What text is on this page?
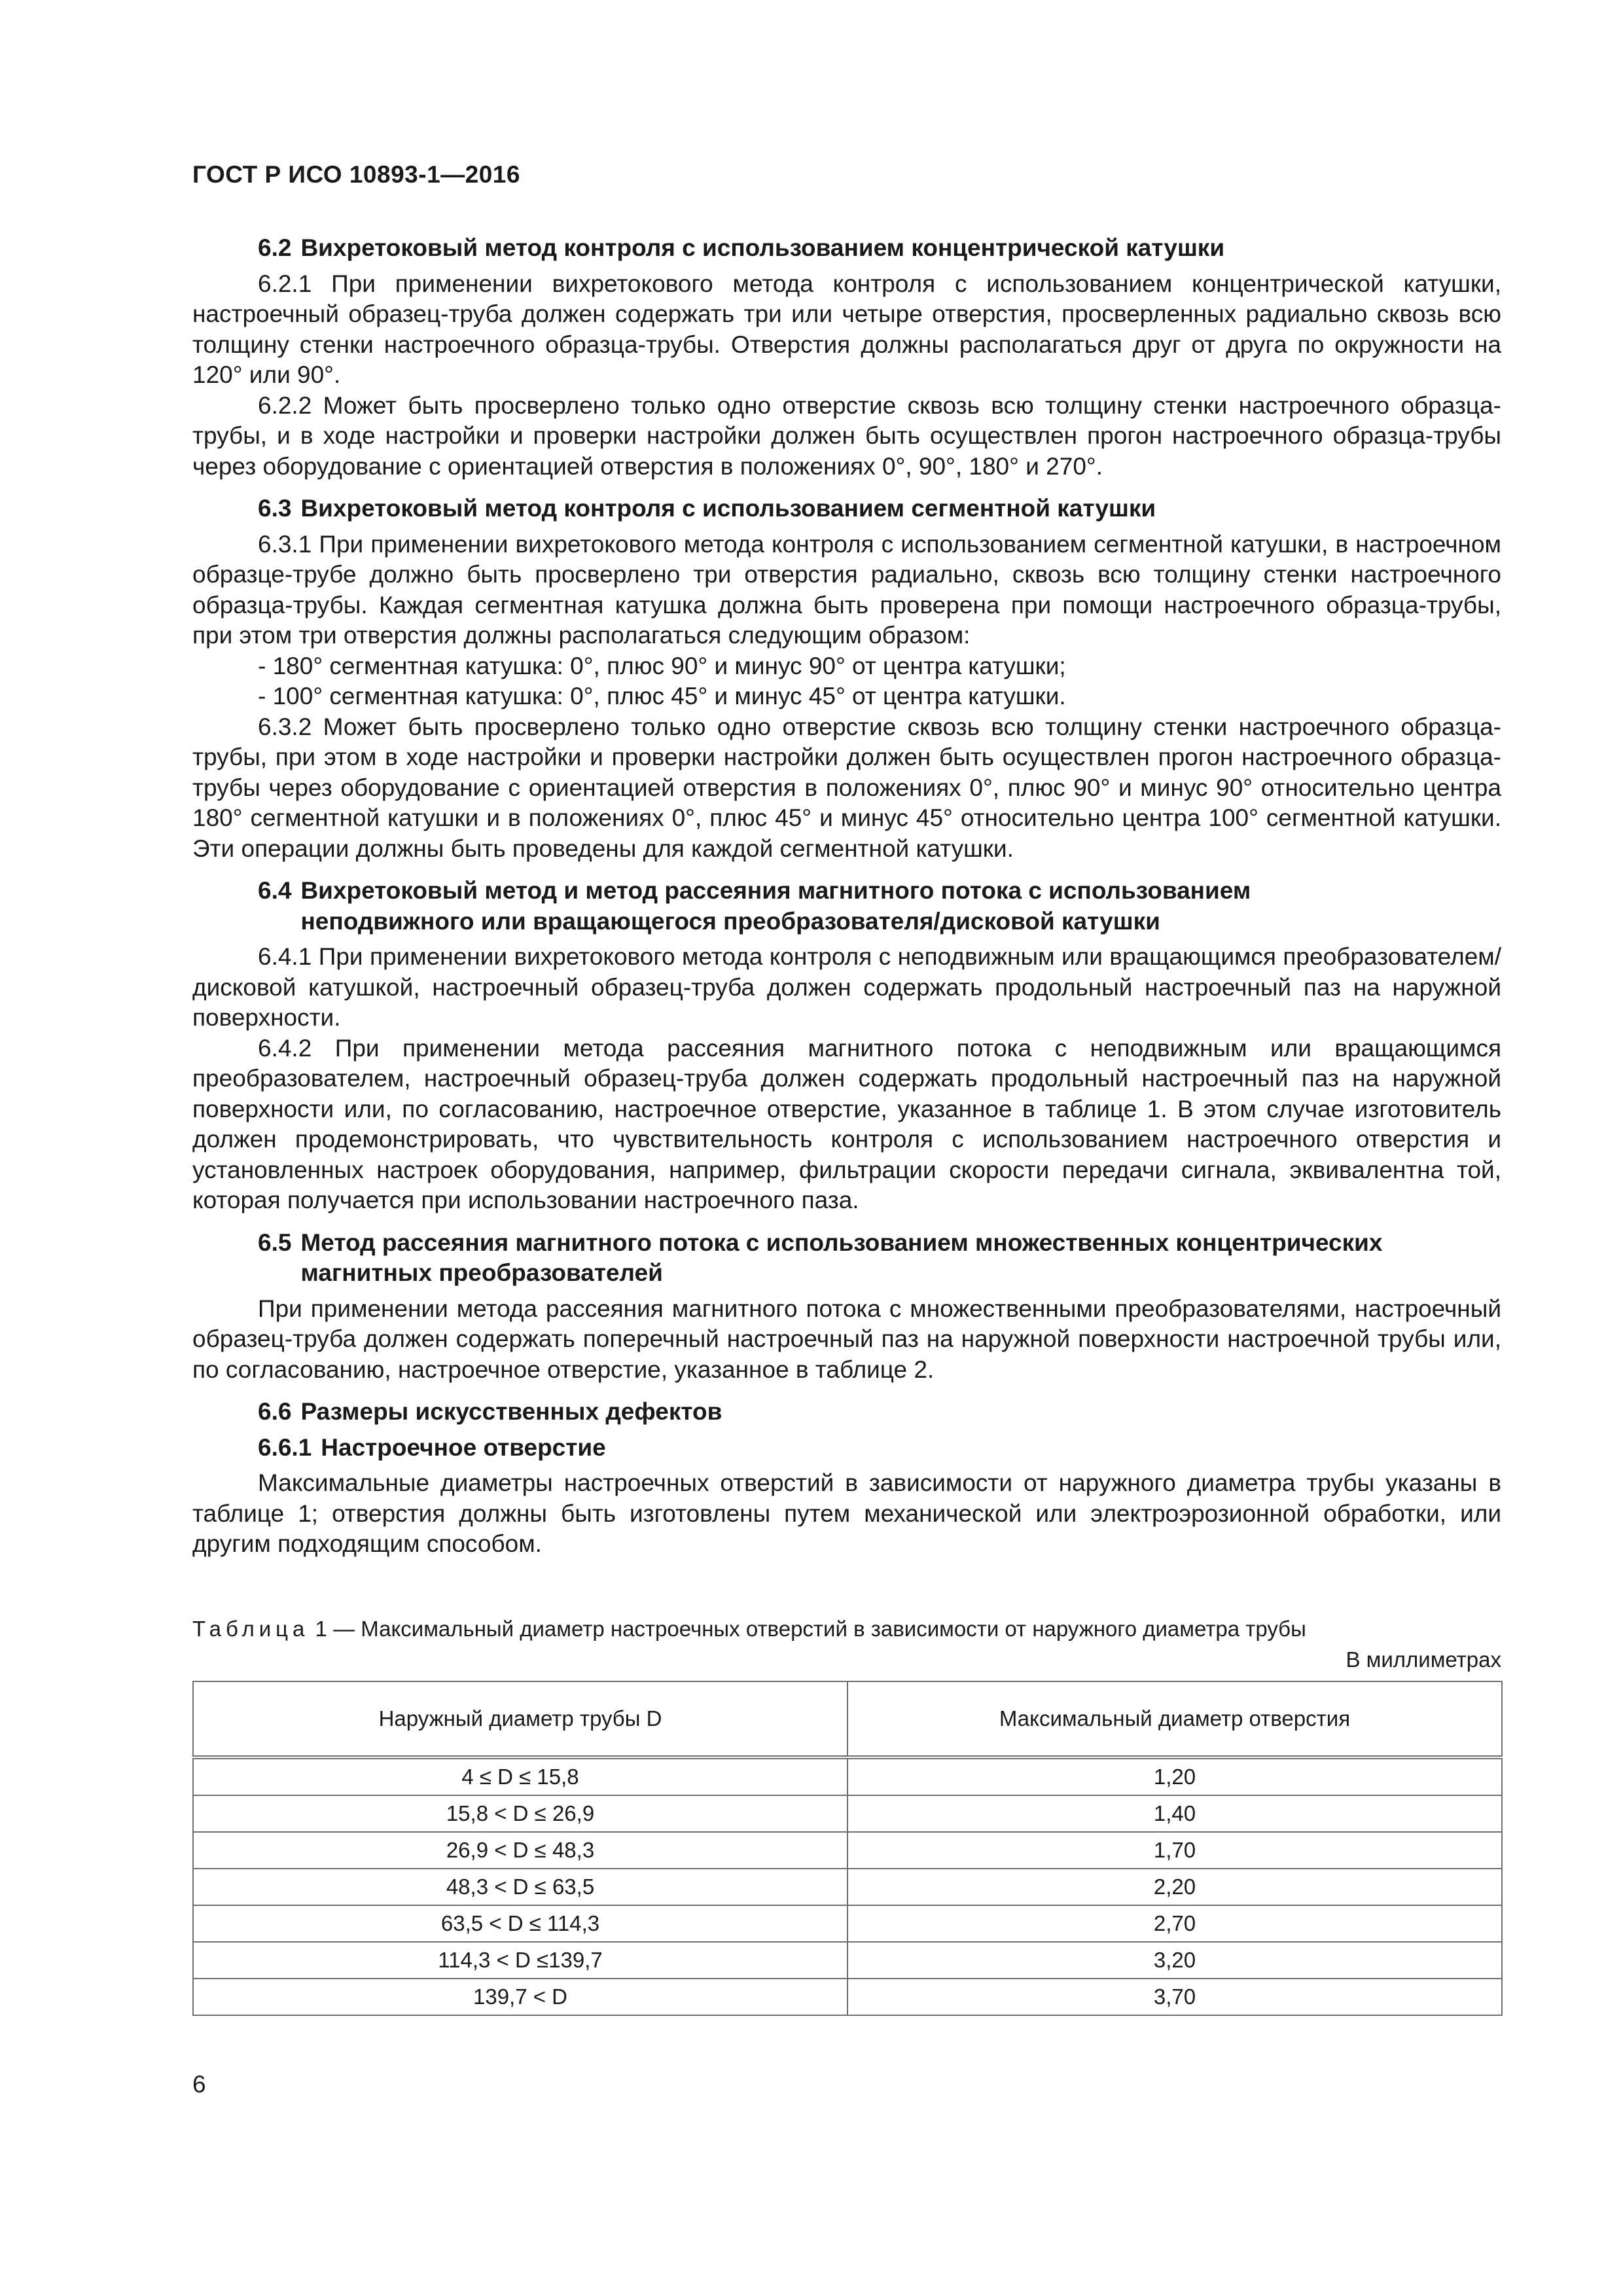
ГОСТ Р ИСО 10893-1—2016
6.2 Вихретоковый метод контроля с использованием концентрической катушки

6.2.1 При применении вихретокового метода контроля с использованием концентрической катушки, настроечный образец-труба должен содержать три или четыре отверстия, просверленных радиально сквозь всю толщину стенки настроечного образца-трубы. Отверстия должны располагаться друг от друга по окружности на 120° или 90°.

6.2.2 Может быть просверлено только одно отверстие сквозь всю толщину стенки настроечного образца-трубы, и в ходе настройки и проверки настройки должен быть осуществлен прогон настроечного образца-трубы через оборудование с ориентацией отверстия в положениях 0°, 90°, 180° и 270°.

6.3 Вихретоковый метод контроля с использованием сегментной катушки

6.3.1 При применении вихретокового метода контроля с использованием сегментной катушки, в настроечном образце-трубе должно быть просверлено три отверстия радиально, сквозь всю толщину стенки настроечного образца-трубы. Каждая сегментная катушка должна быть проверена при помощи настроечного образца-трубы, при этом три отверстия должны располагаться следующим образом:

- 180° сегментная катушка: 0°, плюс 90° и минус 90° от центра катушки;
- 100° сегментная катушка: 0°, плюс 45° и минус 45° от центра катушки.

6.3.2 Может быть просверлено только одно отверстие сквозь всю толщину стенки настроечного образца-трубы, при этом в ходе настройки и проверки настройки должен быть осуществлен прогон настроечного образца-трубы через оборудование с ориентацией отверстия в положениях 0°, плюс 90° и минус 90° относительно центра 180° сегментной катушки и в положениях 0°, плюс 45° и минус 45° относительно центра 100° сегментной катушки. Эти операции должны быть проведены для каждой сегментной катушки.

6.4 Вихретоковый метод и метод рассеяния магнитного потока с использованием неподвижного или вращающегося преобразователя/дисковой катушки

6.4.1 При применении вихретокового метода контроля с неподвижным или вращающимся преобразователем/дисковой катушкой, настроечный образец-труба должен содержать продольный настроечный паз на наружной поверхности.

6.4.2 При применении метода рассеяния магнитного потока с неподвижным или вращающимся преобразователем, настроечный образец-труба должен содержать продольный настроечный паз на наружной поверхности или, по согласованию, настроечное отверстие, указанное в таблице 1. В этом случае изготовитель должен продемонстрировать, что чувствительность контроля с использованием настроечного отверстия и установленных настроек оборудования, например, фильтрации скорости передачи сигнала, эквивалентна той, которая получается при использовании настроечного паза.

6.5 Метод рассеяния магнитного потока с использованием множественных концентрических магнитных преобразователей

При применении метода рассеяния магнитного потока с множественными преобразователями, настроечный образец-труба должен содержать поперечный настроечный паз на наружной поверхности настроечной трубы или, по согласованию, настроечное отверстие, указанное в таблице 2.

6.6 Размеры искусственных дефектов
6.6.1 Настроечное отверстие

Максимальные диаметры настроечных отверстий в зависимости от наружного диаметра трубы указаны в таблице 1; отверстия должны быть изготовлены путем механической или электроэрозионной обработки, или другим подходящим способом.

Таблица 1 — Максимальный диаметр настроечных отверстий в зависимости от наружного диаметра трубы

В миллиметрах

Наружный диаметр трубы D	Максимальный диаметр отверстия
4 ≤ D ≤ 15,8	1,20
15,8 < D ≤ 26,9	1,40
26,9 < D ≤ 48,3	1,70
48,3 < D ≤ 63,5	2,20
63,5 < D ≤ 114,3	2,70
114,3 < D ≤139,7	3,20
139,7 < D	3,70

6
